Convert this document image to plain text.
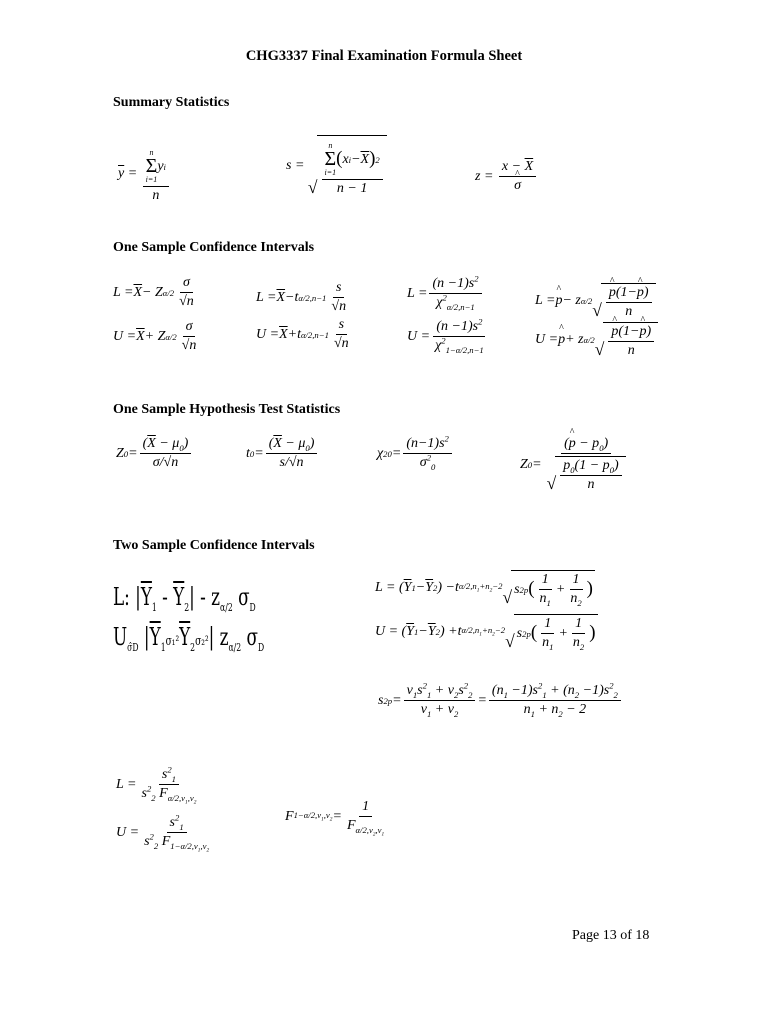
CHG3337 Final Examination Formula Sheet
Summary Statistics
One Sample Confidence Intervals
One Sample Hypothesis Test Statistics
Two Sample Confidence Intervals
$\overline{y} = n$
Σ
i=1
y i
n	s =
√ n
Σ
i=1
( x $i - \overline{X}$ ) 2
n − 1	$z = x - \overline{X}$
^ σ
$L = \overline{X} - Z$ $\alpha/2 \frac{\sigma}{√n}$
$U = \overline{X} + Z$ $\alpha/2 \frac{\sigma}{√n}$
$L = \overline{X} -t$ $\alpha/2,n-1 \frac{s}{√n}$
$U = \overline{X} +t$ $\alpha/2,n-1 \frac{s}{√n}$
$L = \frac{(n -1)s^2}{\chi^2_{\alpha/2,n-1}}$
$U = \frac{(n -1)s^2}{\chi^2_{1-\alpha/2,n-1}}$
L = ^ p − z α/2 √ ^ $\frac{p(1-\^{} p)}{n}$
U = ^ p + z α/2 √ ^ $\frac{p(1-\^{} p)}{n}$
Z $0 = \frac{(\overline{X} - \mu_0)}{\sigma/√n}$	t $0 = \frac{(\overline{X} - \mu_0)}{s/√n}$	χ 2 $0 = \frac{(n-1)s^2}{\sigma^2_0}$	Z $0 = \frac{(\^{} p - p_0)}{√ \frac{p_0(1 - p_0)}{n}}$
L: $|\overline{Y}_1 - \overline{Y}_2| - z_{\alpha/2}$ $\sigma_D$
$U_{\sigmâD}$ $|\overline{Y}_1\sigma_1^2\overline{Y}_2\sigma_2^2|$ $z_{\alpha/2}$ $\sigma_D$
L = ( $\overline{Y}$ $1 - \overline{Y}$ 2 ) −t $\alpha/2,n_1+n_2-2$
√ s 2 p ( $\frac{1}{n_1} + \frac{1}{n_2}$ )
U = ( $\overline{Y}$ $1 - \overline{Y}$ 2 ) +t $\alpha/2,n_1+n_2-2$
√ s 2 p ( $\frac{1}{n_1} + \frac{1}{n_2}$ )
s 2 $p = \frac{\nu_1s^2_1 + \nu_2s^2_2}{\nu_1 + \nu_2} = \frac{(n_1 -1)s^2_1 + (n_2 -1)s^2_2}{n_1 + n_2 - 2}$
$L = \frac{s^2_1}{s^2_2 F_{\alpha/2,\nu_1,\nu_2}}$
$U = \frac{s^2_1}{s^2_2 F_{1-\alpha/2,\nu_1,\nu_2}}$	F $1-\alpha/2,\nu_1,\nu_2 = \frac{1}{F_{\alpha/2,\nu_2,\nu_1}}$
Page 13 of 18
